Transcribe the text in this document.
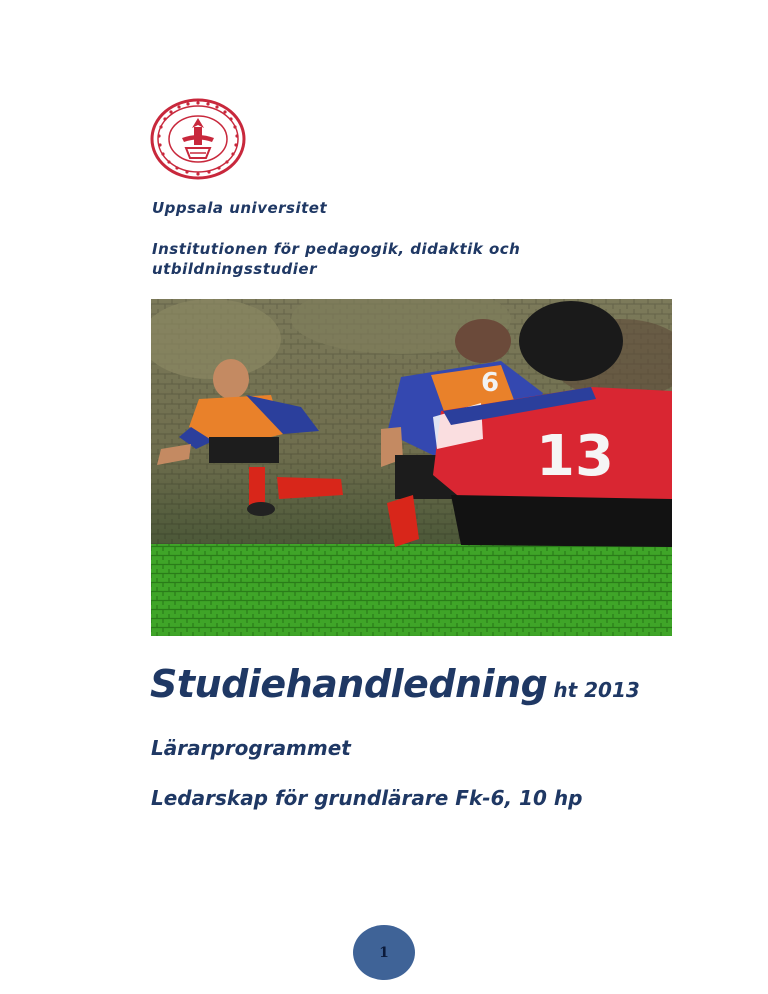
Uppsala universitet
Institutionen för pedagogik, didaktik och utbildningsstudier
6
13
Studiehandledning ht 2013
Lärarprogrammet
Ledarskap för grundlärare Fk-6, 10 hp
1
